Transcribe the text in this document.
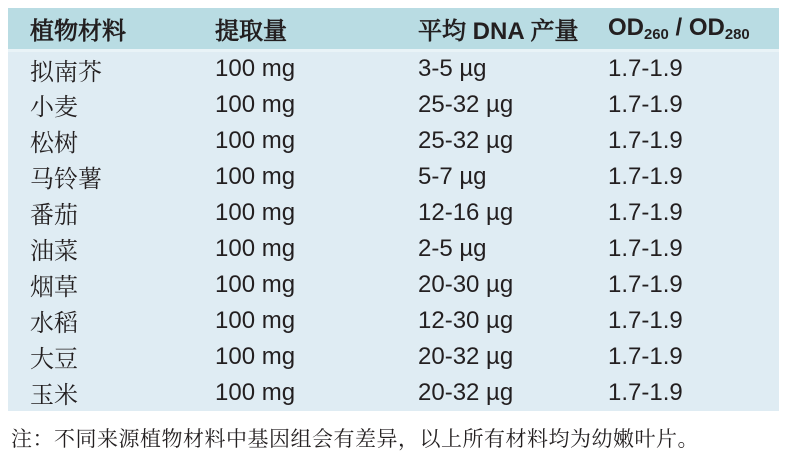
植物材料	提取量	平均 DNA 产量	$OD_{260} / OD_{280}$
拟南芥	100 mg	3-5 µg	1.7-1.9
小麦	100 mg	25-32 µg	1.7-1.9
松树	100 mg	25-32 µg	1.7-1.9
马铃薯	100 mg	5-7 µg	1.7-1.9
番茄	100 mg	12-16 µg	1.7-1.9
油菜	100 mg	2-5 µg	1.7-1.9
烟草	100 mg	20-30 µg	1.7-1.9
水稻	100 mg	12-30 µg	1.7-1.9
大豆	100 mg	20-32 µg	1.7-1.9
玉米	100 mg	20-32 µg	1.7-1.9
注：不同来源植物材料中基因组会有差异，以上所有材料均为幼嫩叶片。
